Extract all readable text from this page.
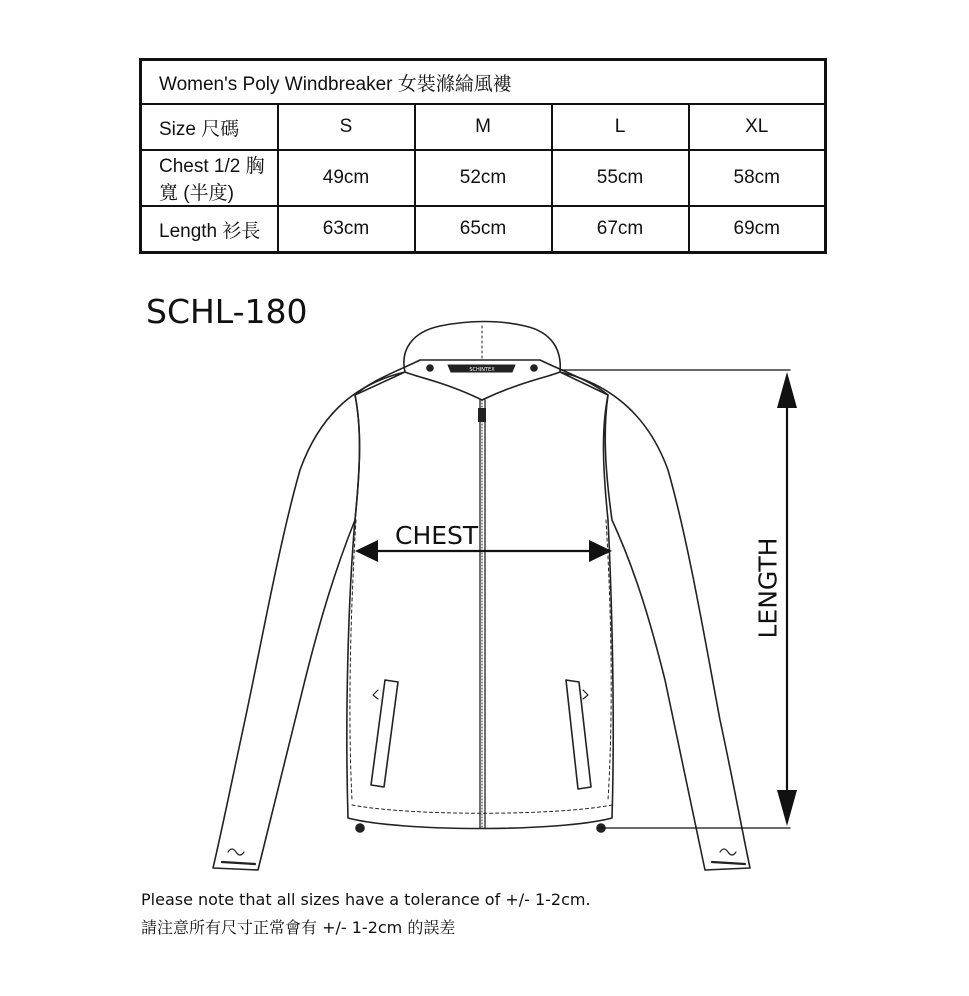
Women's Poly Windbreaker 女裝滌綸風褸				
Size 尺碼	S	M	L	XL
Chest 1/2 胸寬 (半度)	49cm	52cm	55cm	58cm
Length 衫長	63cm	65cm	67cm	69cm
SCHL-180
SCHINTEX
CHEST
LENGTH
Please note that all sizes have a tolerance of +/- 1-2cm.
請注意所有尺寸正常會有 +/- 1-2cm 的誤差
